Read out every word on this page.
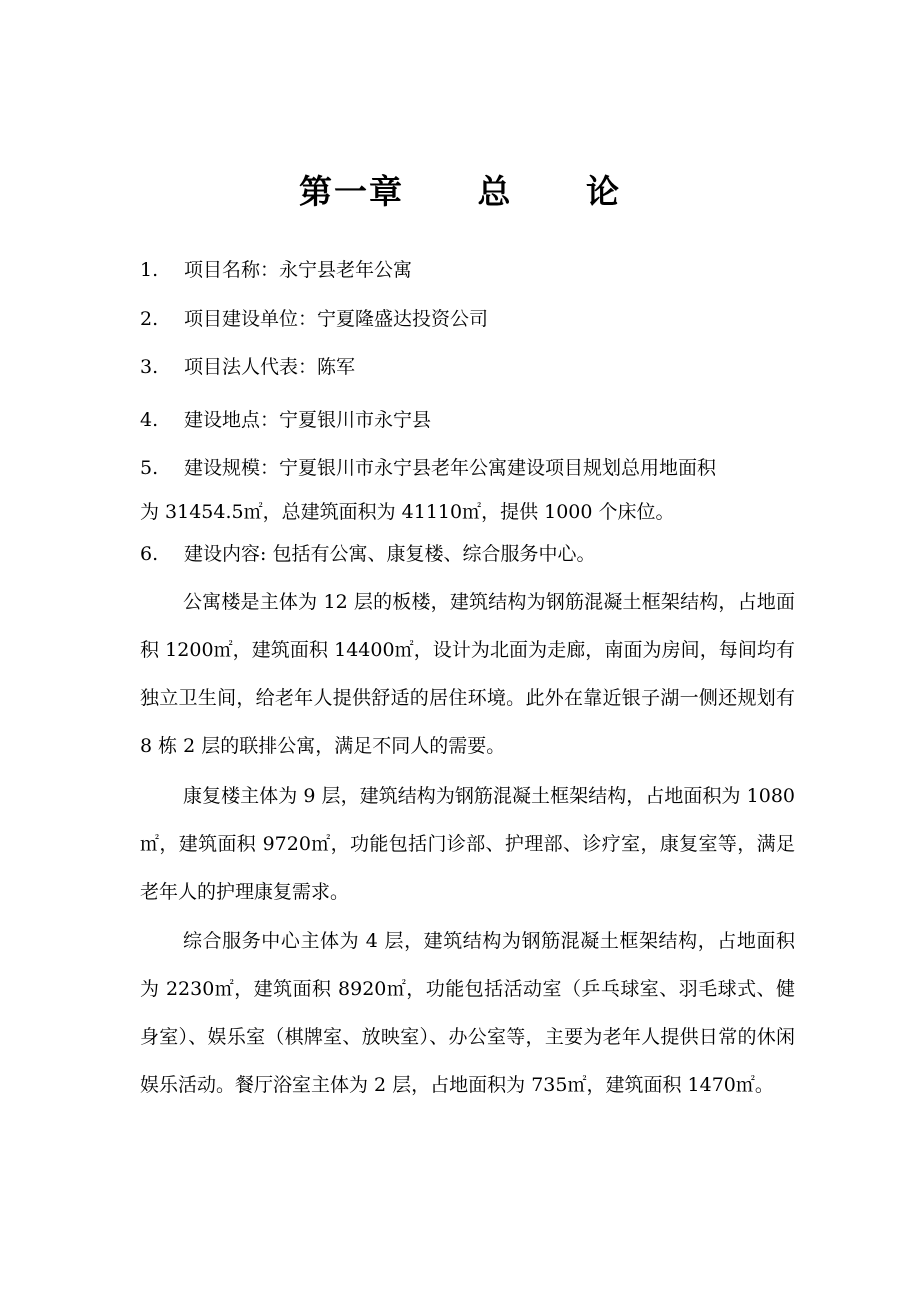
第一章 总 论
1. 项目名称：永宁县老年公寓
2. 项目建设单位：宁夏隆盛达投资公司
3. 项目法人代表：陈军
4. 建设地点：宁夏银川市永宁县
5. 建设规模：宁夏银川市永宁县老年公寓建设项目规划总用地面积
为 31454.5㎡，总建筑面积为 41110㎡，提供 1000 个床位。
6. 建设内容: 包括有公寓、康复楼、综合服务中心。
公寓楼是主体为 12 层的板楼，建筑结构为钢筋混凝土框架结构，占地面积 1200㎡，建筑面积 14400㎡，设计为北面为走廊，南面为房间，每间均有独立卫生间，给老年人提供舒适的居住环境。此外在靠近银子湖一侧还规划有 8 栋 2 层的联排公寓，满足不同人的需要。
康复楼主体为 9 层，建筑结构为钢筋混凝土框架结构，占地面积为 1080㎡，建筑面积 9720㎡，功能包括门诊部、护理部、诊疗室，康复室等，满足老年人的护理康复需求。
综合服务中心主体为 4 层，建筑结构为钢筋混凝土框架结构，占地面积为 2230㎡，建筑面积 8920㎡，功能包括活动室（乒乓球室、羽毛球式、健身室）、娱乐室（棋牌室、放映室）、办公室等，主要为老年人提供日常的休闲娱乐活动。餐厅浴室主体为 2 层，占地面积为 735㎡，建筑面积 1470㎡。
